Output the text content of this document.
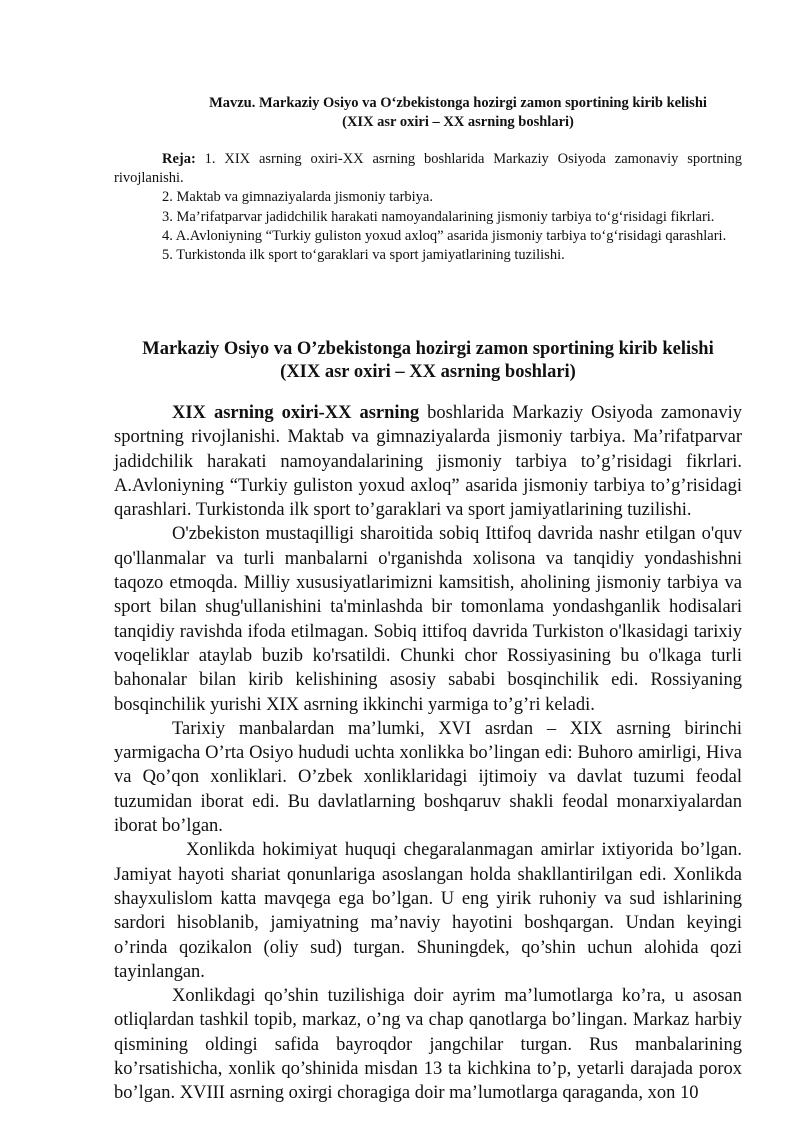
Mavzu. Markaziy Osiyo va O‘zbekistonga hozirgi zamon sportining kirib kelishi
(XIX asr oxiri – XX asrning boshlari)

Reja: 1. XIX asrning oxiri-XX asrning boshlarida Markaziy Osiyoda zamonaviy sportning rivojlanishi.

2. Maktab va gimnaziyalarda jismoniy tarbiya.

3. Ma’rifatparvar jadidchilik harakati namoyandalarining jismoniy tarbiya to‘g‘risidagi fikrlari.

4. A.Avloniyning “Turkiy guliston yoxud axloq” asarida jismoniy tarbiya to‘g‘risidagi qarashlari.

5. Turkistonda ilk sport to‘garaklari va sport jamiyatlarining tuzilishi.

Markaziy Osiyo va O’zbekistonga hozirgi zamon sportining kirib kelishi
(XIX asr oxiri – XX asrning boshlari)

XIX asrning oxiri-XX asrning boshlarida Markaziy Osiyoda zamonaviy sportning rivojlanishi. Maktab va gimnaziyalarda jismoniy tarbiya. Ma’rifatparvar jadidchilik harakati namoyandalarining jismoniy tarbiya to’g’risidagi fikrlari. A.Avloniyning “Turkiy guliston yoxud axloq” asarida jismoniy tarbiya to’g’risidagi qarashlari. Turkistonda ilk sport to’garaklari va sport jamiyatlarining tuzilishi.

O'zbekiston mustaqilligi sharoitida sobiq Ittifoq davrida nashr etilgan o'quv qo'llanmalar va turli manbalarni o'rganishda xolisona va tanqidiy yondashishni taqozo etmoqda. Milliy xususiyatlarimizni kamsitish, aholining jismoniy tarbiya va sport bilan shug'ullanishini ta'minlashda bir tomonlama yondashganlik hodisalari tanqidiy ravishda ifoda etilmagan. Sobiq ittifoq davrida Turkiston o'lkasidagi tarixiy voqeliklar ataylab buzib ko'rsatildi. Chunki chor Rossiyasining bu o'lkaga turli bahonalar bilan kirib kelishining asosiy sababi bosqinchilik edi. Rossiyaning bosqinchilik yurishi XIX asrning ikkinchi yarmiga to’g’ri keladi.

Tarixiy manbalardan ma’lumki, XVI asrdan – XIX asrning birinchi yarmigacha O’rta Osiyo hududi uchta xonlikka bo’lingan edi: Buhoro amirligi, Hiva va Qo’qon xonliklari. O’zbek xonliklaridagi ijtimoiy va davlat tuzumi feodal tuzumidan iborat edi. Bu davlatlarning boshqaruv shakli feodal monarxiyalardan iborat bo’lgan.

Xonlikda hokimiyat huquqi chegaralanmagan amirlar ixtiyorida bo’lgan. Jamiyat hayoti shariat qonunlariga asoslangan holda shakllantirilgan edi. Xonlikda shayxulislom katta mavqega ega bo’lgan. U eng yirik ruhoniy va sud ishlarining sardori hisoblanib, jamiyatning ma’naviy hayotini boshqargan. Undan keyingi o’rinda qozikalon (oliy sud) turgan. Shuningdek, qo’shin uchun alohida qozi tayinlangan.

Xonlikdagi qo’shin tuzilishiga doir ayrim ma’lumotlarga ko’ra, u asosan otliqlardan tashkil topib, markaz, o’ng va chap qanotlarga bo’lingan. Markaz harbiy qismining oldingi safida bayroqdor jangchilar turgan. Rus manbalarining ko’rsatishicha, xonlik qo’shinida misdan 13 ta kichkina to’p, yetarli darajada porox bo’lgan. XVIII asrning oxirgi choragiga doir ma’lumotlarga qaraganda, xon 10
